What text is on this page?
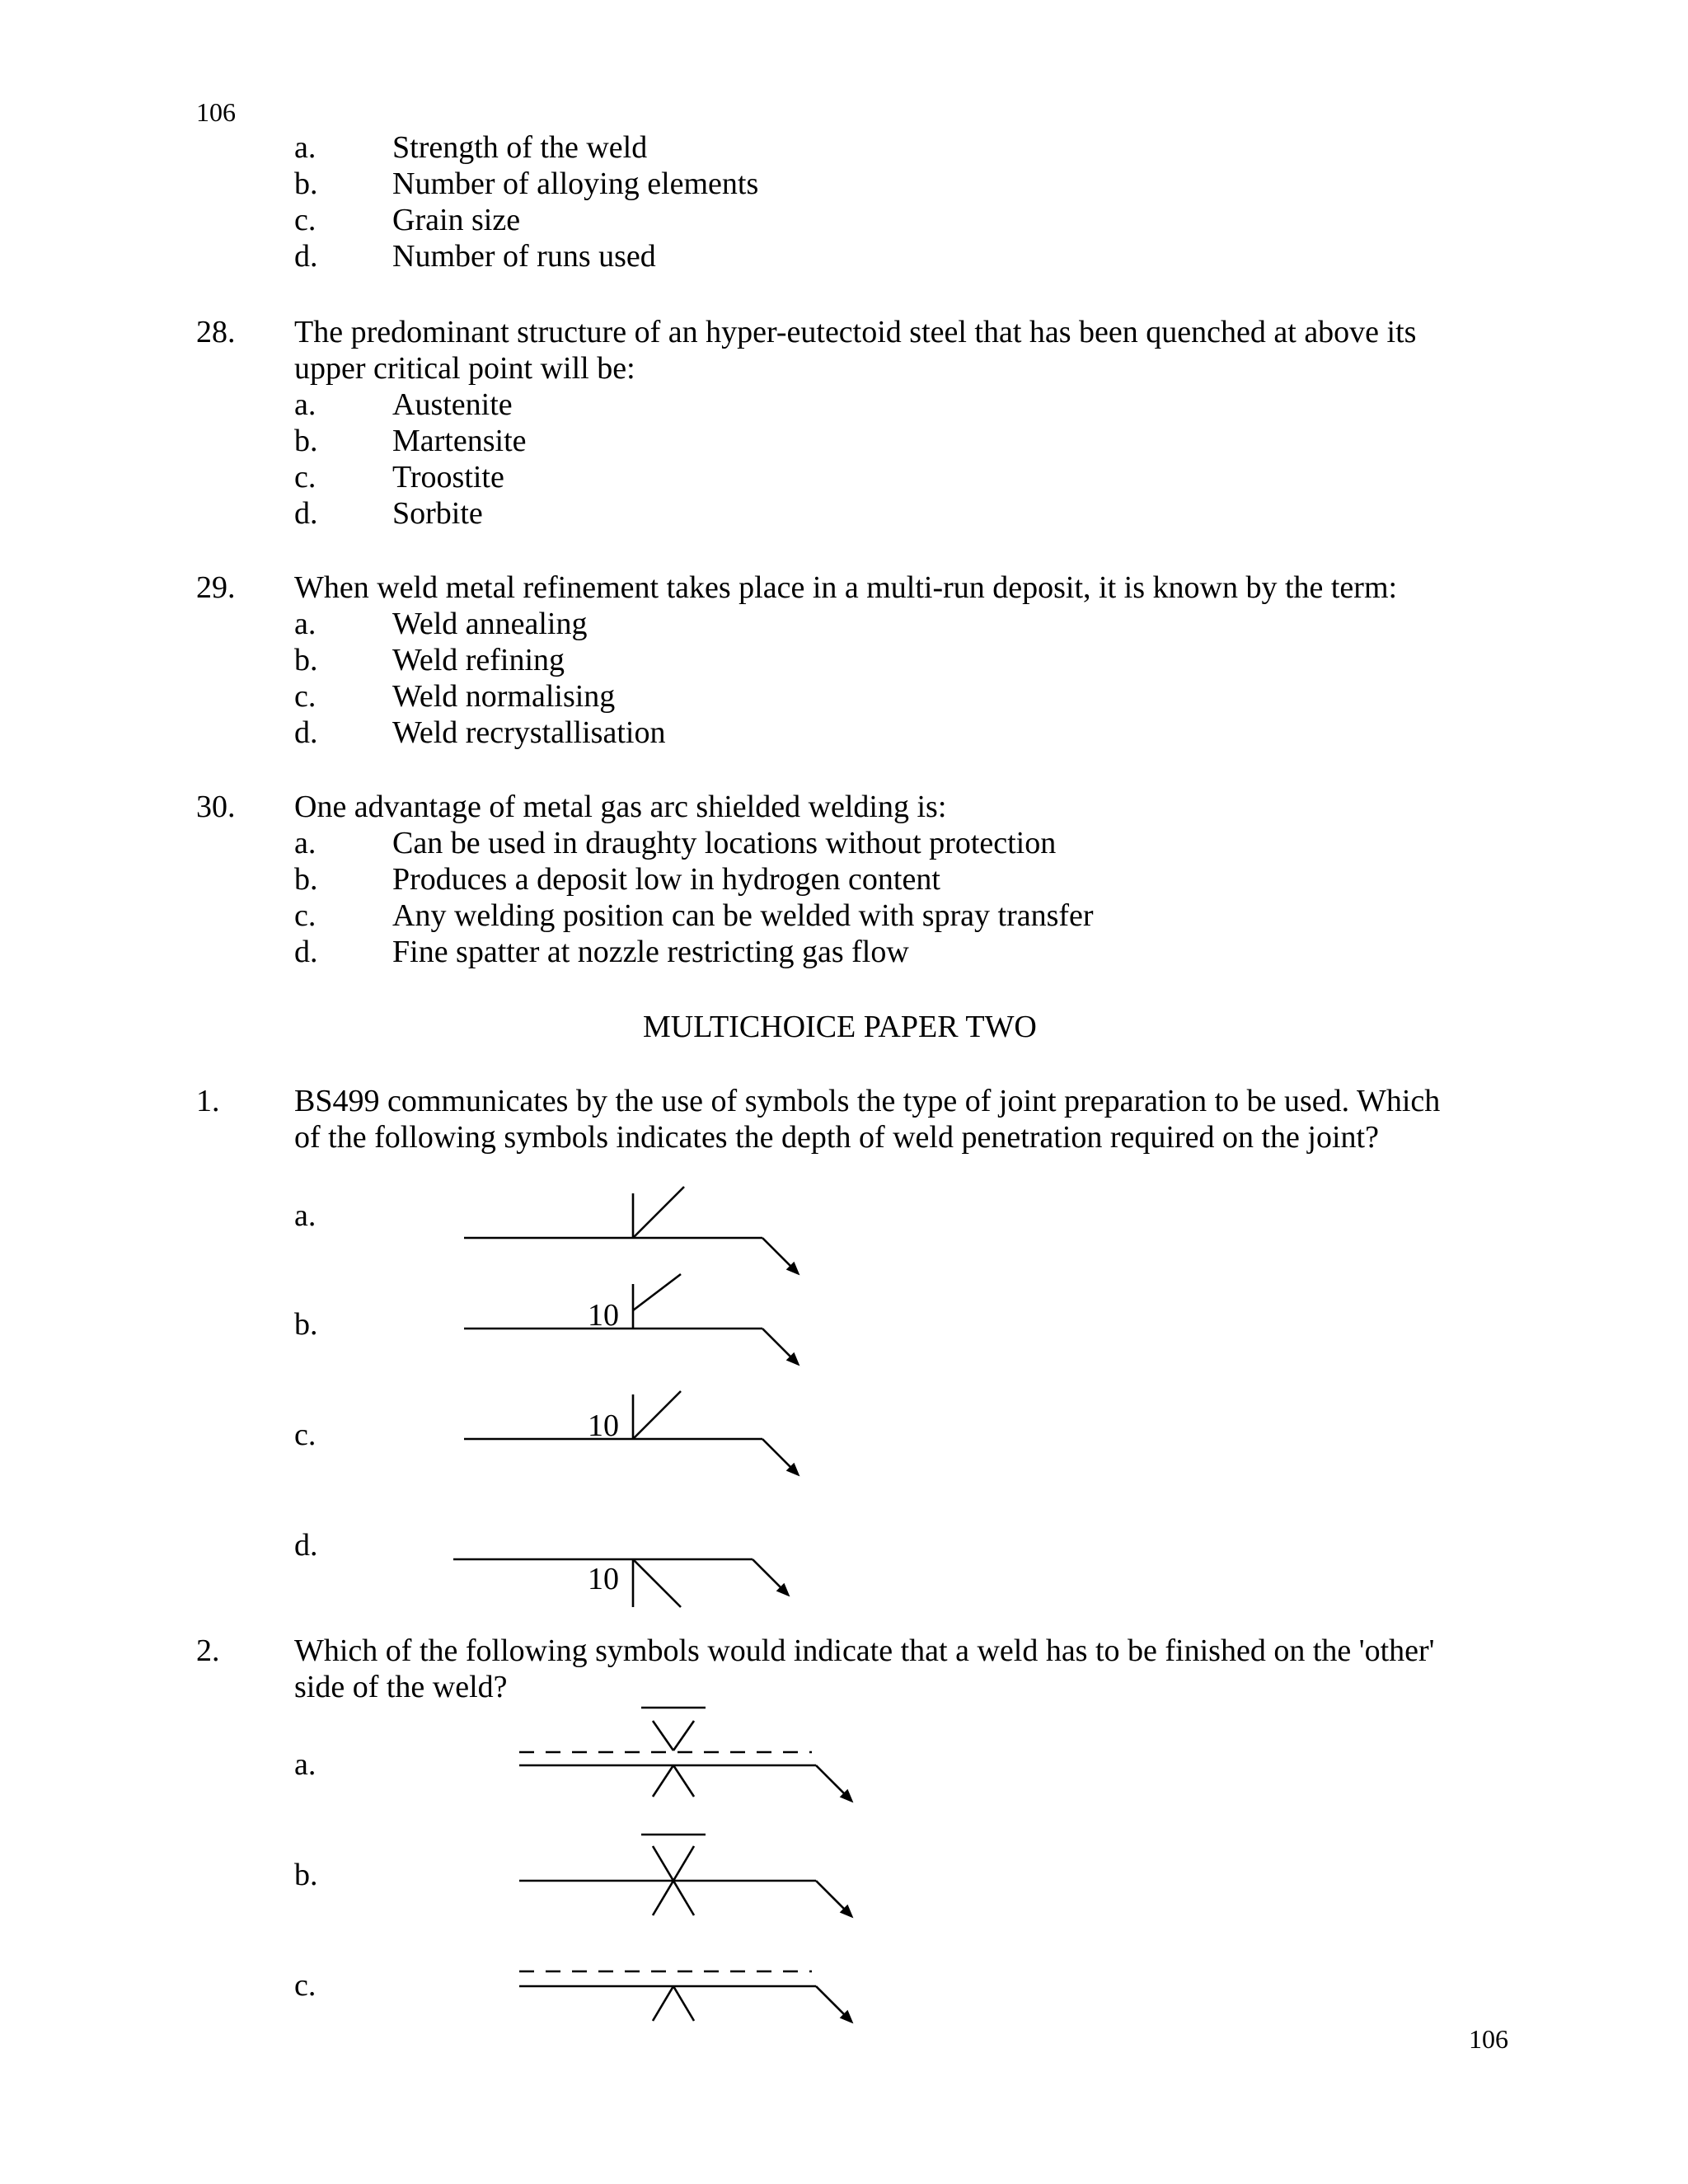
106
a. Strength of the weld
b. Number of alloying elements
c. Grain size
d. Number of runs used
28. The predominant structure of an hyper-eutectoid steel that has been quenched at above its
upper critical point will be:
a. Austenite
b. Martensite
c. Troostite
d. Sorbite
29. When weld metal refinement takes place in a multi-run deposit, it is known by the term:
a. Weld annealing
b. Weld refining
c. Weld normalising
d. Weld recrystallisation
30. One advantage of metal gas arc shielded welding is:
a. Can be used in draughty locations without protection
b. Produces a deposit low in hydrogen content
c. Any welding position can be welded with spray transfer
d. Fine spatter at nozzle restricting gas flow
MULTICHOICE PAPER TWO
1. BS499 communicates by the use of symbols the type of joint preparation to be used. Which
of the following symbols indicates the depth of weld penetration required on the joint?
a.
b.	10
c.	10
d.
10
2. Which of the following symbols would indicate that a weld has to be finished on the 'other'
side of the weld?
a.
b.
c.
106
